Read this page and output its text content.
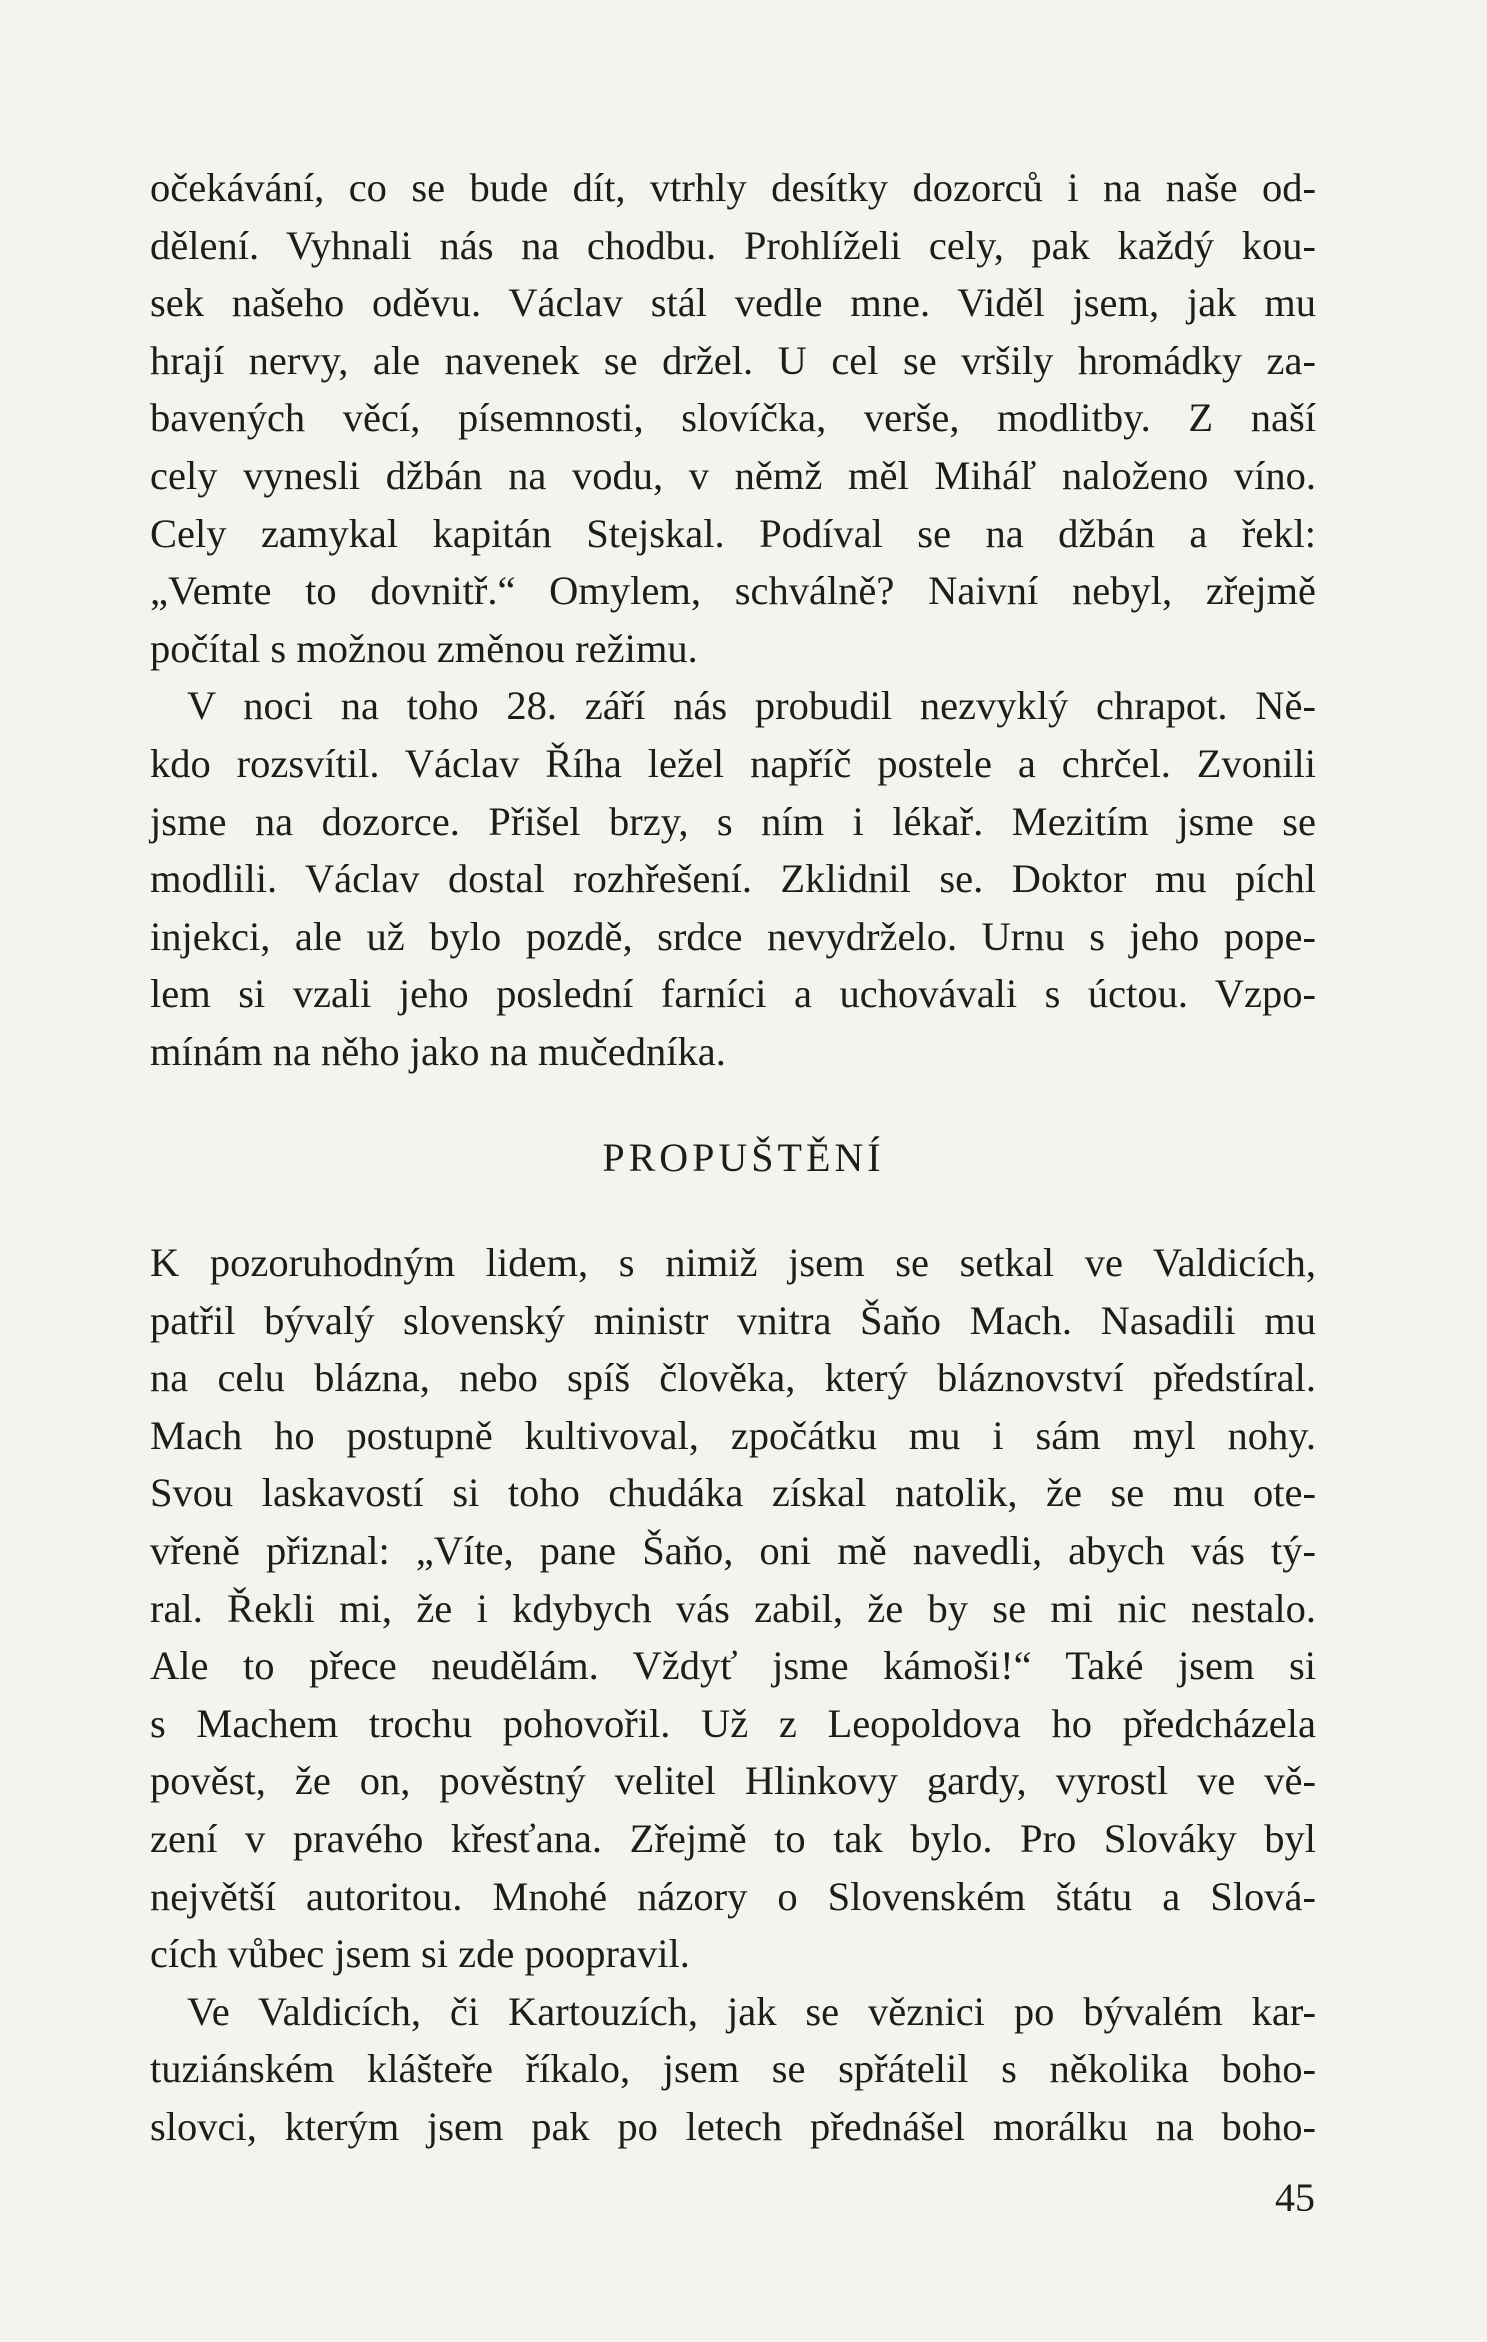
očekávání, co se bude dít, vtrhly desítky dozorců i na naše od-
dělení. Vyhnali nás na chodbu. Prohlíželi cely, pak každý kou-
sek našeho oděvu. Václav stál vedle mne. Viděl jsem, jak mu
hrají nervy, ale navenek se držel. U cel se vršily hromádky za-
bavených věcí, písemnosti, slovíčka, verše, modlitby. Z naší
cely vynesli džbán na vodu, v němž měl Miháľ naloženo víno.
Cely zamykal kapitán Stejskal. Podíval se na džbán a řekl:
„Vemte to dovnitř.“ Omylem, schválně? Naivní nebyl, zřejmě
počítal s možnou změnou režimu.
V noci na toho 28. září nás probudil nezvyklý chrapot. Ně-
kdo rozsvítil. Václav Říha ležel napříč postele a chrčel. Zvonili
jsme na dozorce. Přišel brzy, s ním i lékař. Mezitím jsme se
modlili. Václav dostal rozhřešení. Zklidnil se. Doktor mu píchl
injekci, ale už bylo pozdě, srdce nevydrželo. Urnu s jeho pope-
lem si vzali jeho poslední farníci a uchovávali s úctou. Vzpo-
mínám na něho jako na mučedníka.
PROPUŠTĚNÍ
K pozoruhodným lidem, s nimiž jsem se setkal ve Valdicích,
patřil bývalý slovenský ministr vnitra Šaňo Mach. Nasadili mu
na celu blázna, nebo spíš člověka, který bláznovství předstíral.
Mach ho postupně kultivoval, zpočátku mu i sám myl nohy.
Svou laskavostí si toho chudáka získal natolik, že se mu ote-
vřeně přiznal: „Víte, pane Šaňo, oni mě navedli, abych vás tý-
ral. Řekli mi, že i kdybych vás zabil, že by se mi nic nestalo.
Ale to přece neudělám. Vždyť jsme kámoši!“ Také jsem si
s Machem trochu pohovořil. Už z Leopoldova ho předcházela
pověst, že on, pověstný velitel Hlinkovy gardy, vyrostl ve vě-
zení v pravého křesťana. Zřejmě to tak bylo. Pro Slováky byl
největší autoritou. Mnohé názory o Slovenském štátu a Slová-
cích vůbec jsem si zde poopravil.
Ve Valdicích, či Kartouzích, jak se věznici po bývalém kar-
tuziánském klášteře říkalo, jsem se spřátelil s několika boho-
slovci, kterým jsem pak po letech přednášel morálku na boho-
45
